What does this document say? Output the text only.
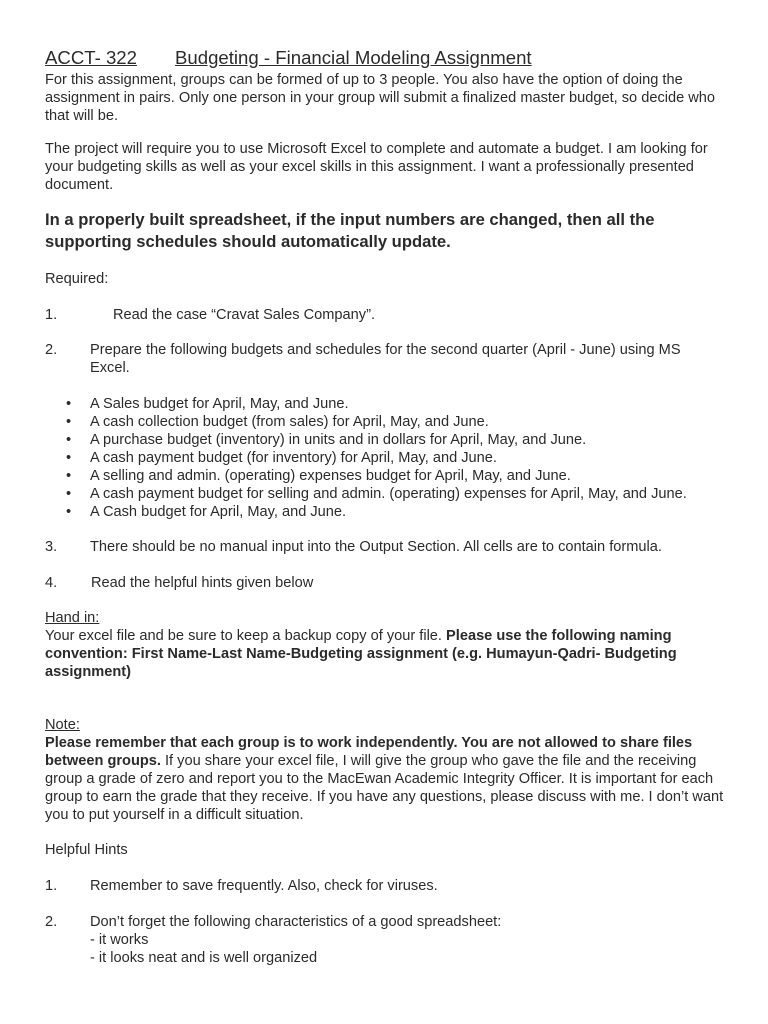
ACCT- 322 Budgeting - Financial Modeling Assignment

For this assignment, groups can be formed of up to 3 people. You also have the option of doing the assignment in pairs. Only one person in your group will submit a finalized master budget, so decide who that will be.

The project will require you to use Microsoft Excel to complete and automate a budget. I am looking for your budgeting skills as well as your excel skills in this assignment. I want a professionally presented document.

In a properly built spreadsheet, if the input numbers are changed, then all the supporting schedules should automatically update.

Required:

1.	Read the case “Cravat Sales Company”.
2.	Prepare the following budgets and schedules for the second quarter (April - June) using MS Excel.
• A Sales budget for April, May, and June.
• A cash collection budget (from sales) for April, May, and June.
• A purchase budget (inventory) in units and in dollars for April, May, and June.
• A cash payment budget (for inventory) for April, May, and June.
• A selling and admin. (operating) expenses budget for April, May, and June.
• A cash payment budget for selling and admin. (operating) expenses for April, May, and June.
• A Cash budget for April, May, and June.
3.	There should be no manual input into the Output Section. All cells are to contain formula.
4.	Read the helpful hints given below

Hand in:

Your excel file and be sure to keep a backup copy of your file. Please use the following naming convention: First Name-Last Name-Budgeting assignment (e.g. Humayun-Qadri- Budgeting assignment)

Note:

Please remember that each group is to work independently. You are not allowed to share files between groups. If you share your excel file, I will give the group who gave the file and the receiving group a grade of zero and report you to the MacEwan Academic Integrity Officer. It is important for each group to earn the grade that they receive. If you have any questions, please discuss with me. I don’t want you to put yourself in a difficult situation.

Helpful Hints

1.	Remember to save frequently. Also, check for viruses.
2.	Don’t forget the following characteristics of a good spreadsheet:
- it works
- it looks neat and is well organized
